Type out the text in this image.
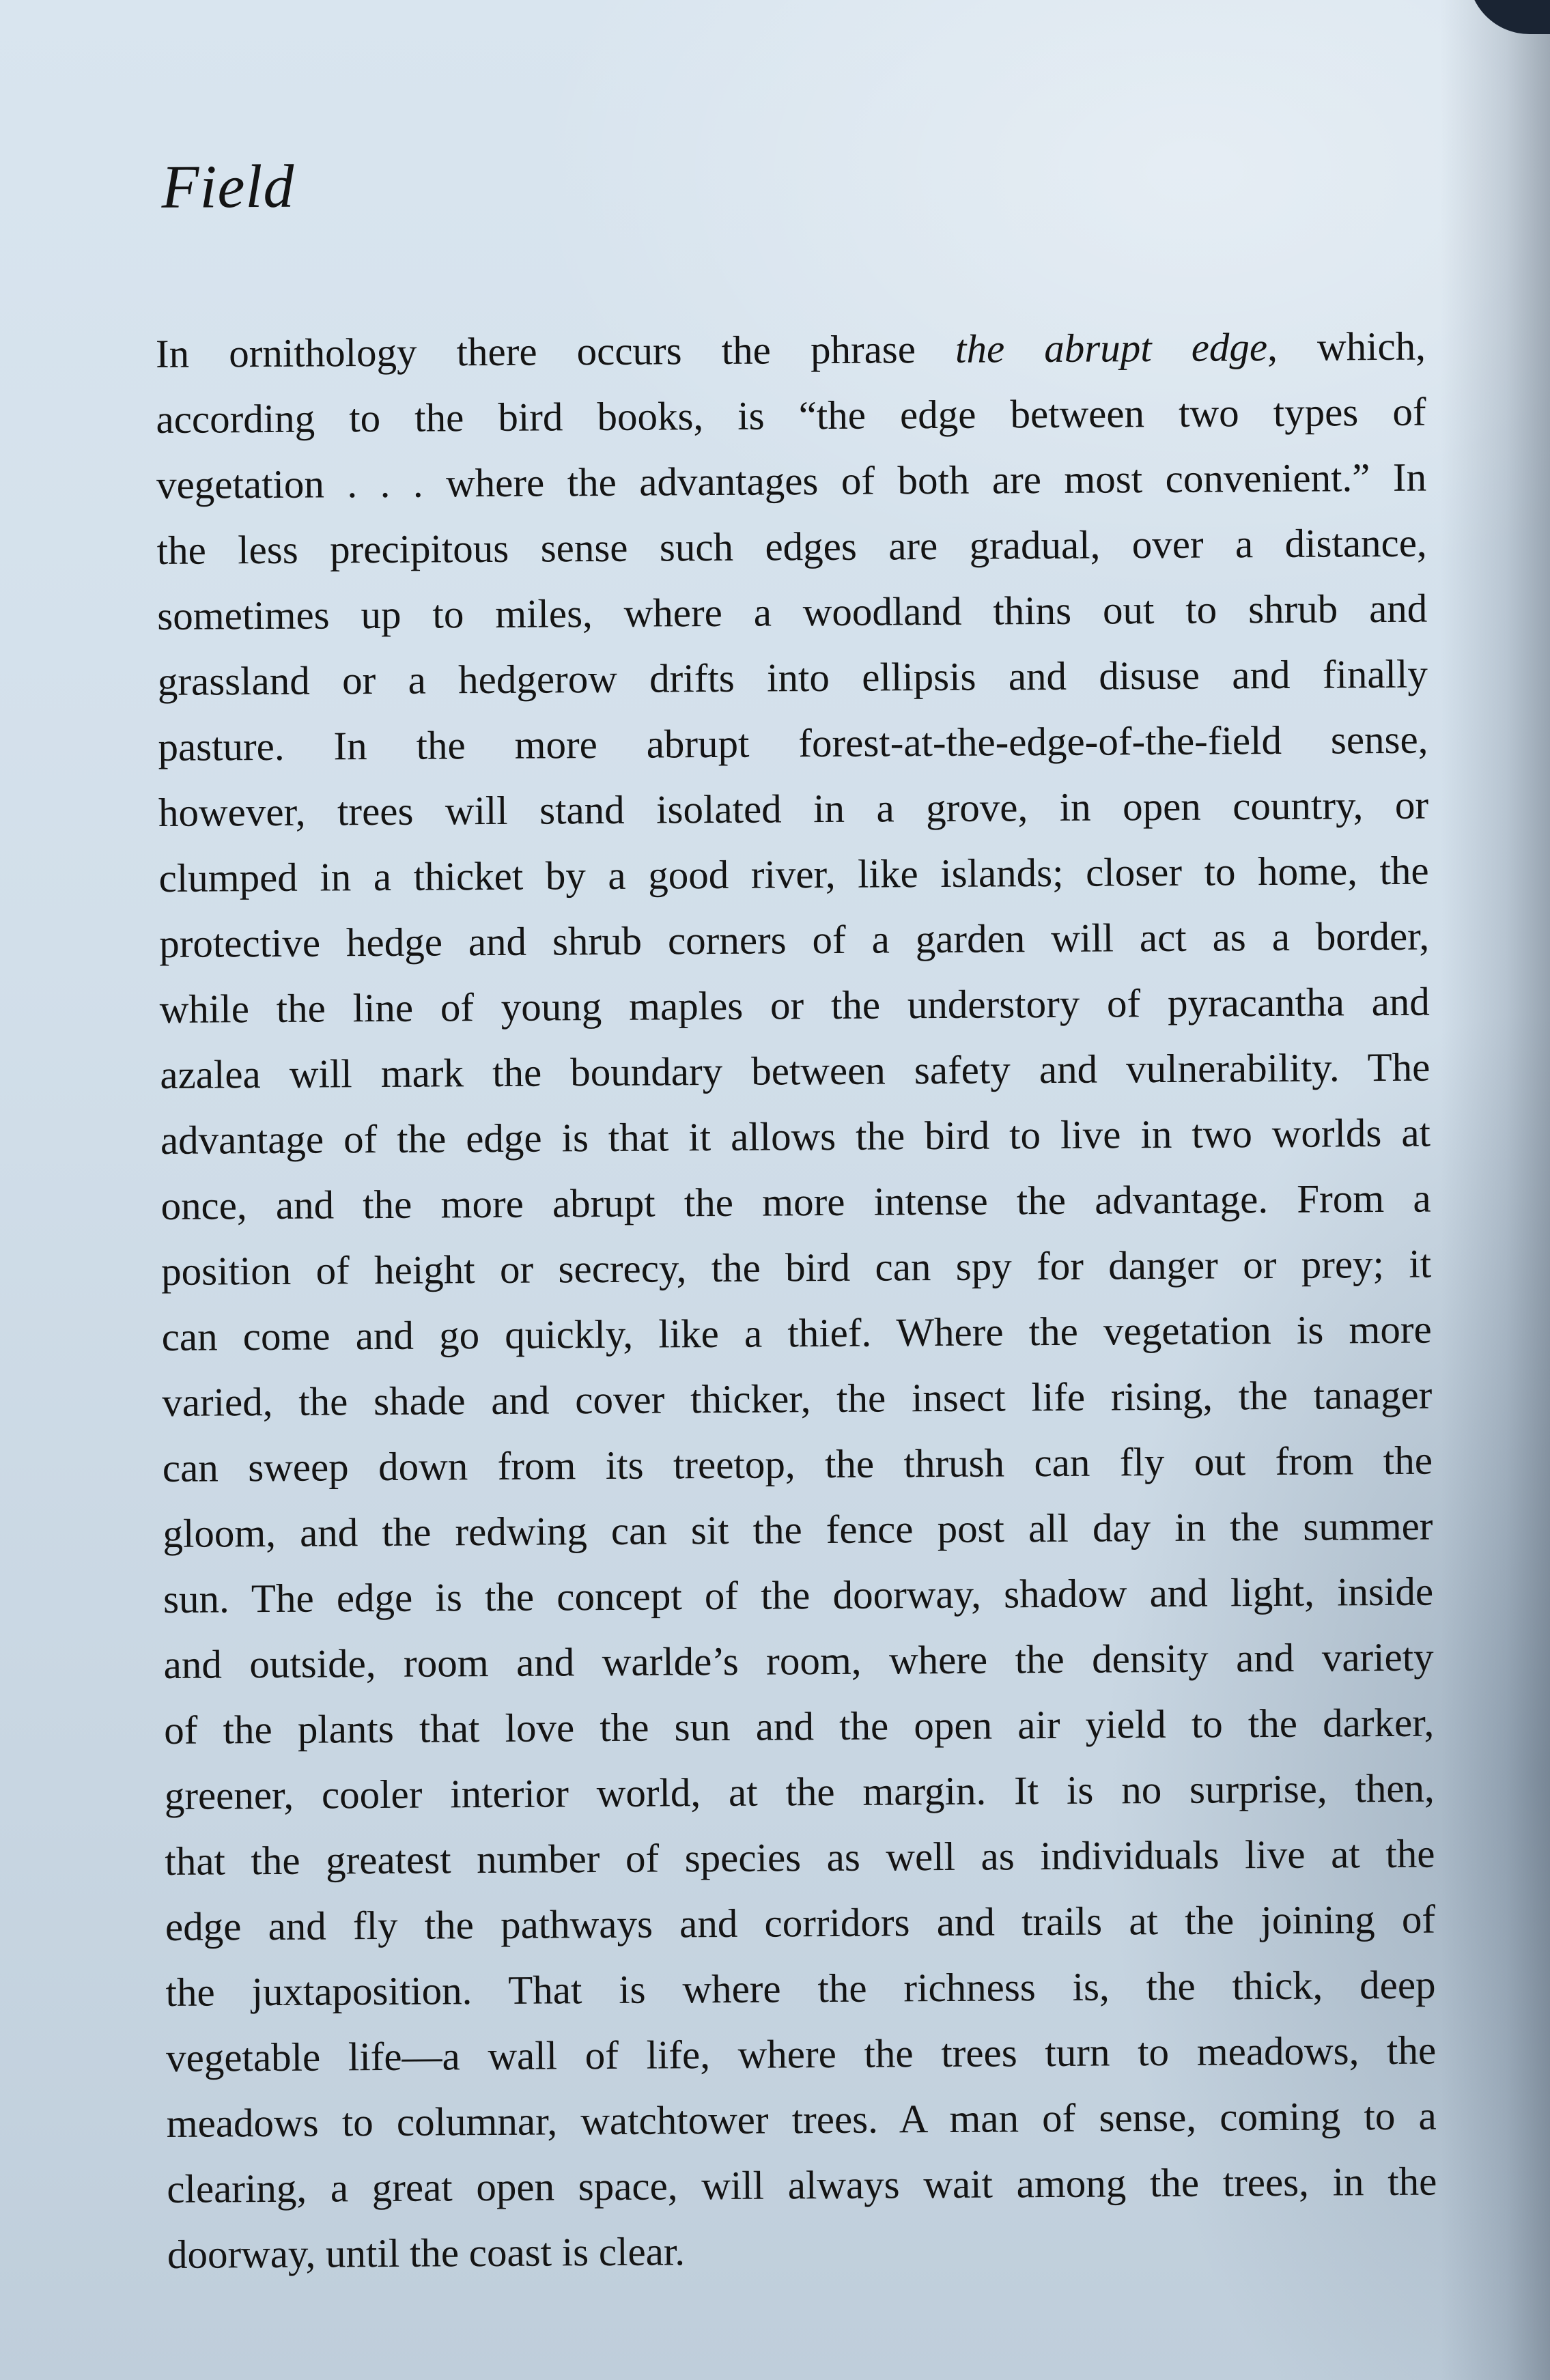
Field
In ornithology there occurs the phrase the abrupt edge, which,
according to the bird books, is “the edge between two types of
vegetation . . . where the advantages of both are most convenient.” In
the less precipitous sense such edges are gradual, over a distance,
sometimes up to miles, where a woodland thins out to shrub and
grassland or a hedgerow drifts into ellipsis and disuse and finally
pasture. In the more abrupt forest-at-the-edge-of-the-field sense,
however, trees will stand isolated in a grove, in open country, or
clumped in a thicket by a good river, like islands; closer to home, the
protective hedge and shrub corners of a garden will act as a border,
while the line of young maples or the understory of pyracantha and
azalea will mark the boundary between safety and vulnerability. The
advantage of the edge is that it allows the bird to live in two worlds at
once, and the more abrupt the more intense the advantage. From a
position of height or secrecy, the bird can spy for danger or prey; it
can come and go quickly, like a thief. Where the vegetation is more
varied, the shade and cover thicker, the insect life rising, the tanager
can sweep down from its treetop, the thrush can fly out from the
gloom, and the redwing can sit the fence post all day in the summer
sun. The edge is the concept of the doorway, shadow and light, inside
and outside, room and warlde’s room, where the density and variety
of the plants that love the sun and the open air yield to the darker,
greener, cooler interior world, at the margin. It is no surprise, then,
that the greatest number of species as well as individuals live at the
edge and fly the pathways and corridors and trails at the joining of
the juxtaposition. That is where the richness is, the thick, deep
vegetable life—a wall of life, where the trees turn to meadows, the
meadows to columnar, watchtower trees. A man of sense, coming to a
clearing, a great open space, will always wait among the trees, in the
doorway, until the coast is clear.
